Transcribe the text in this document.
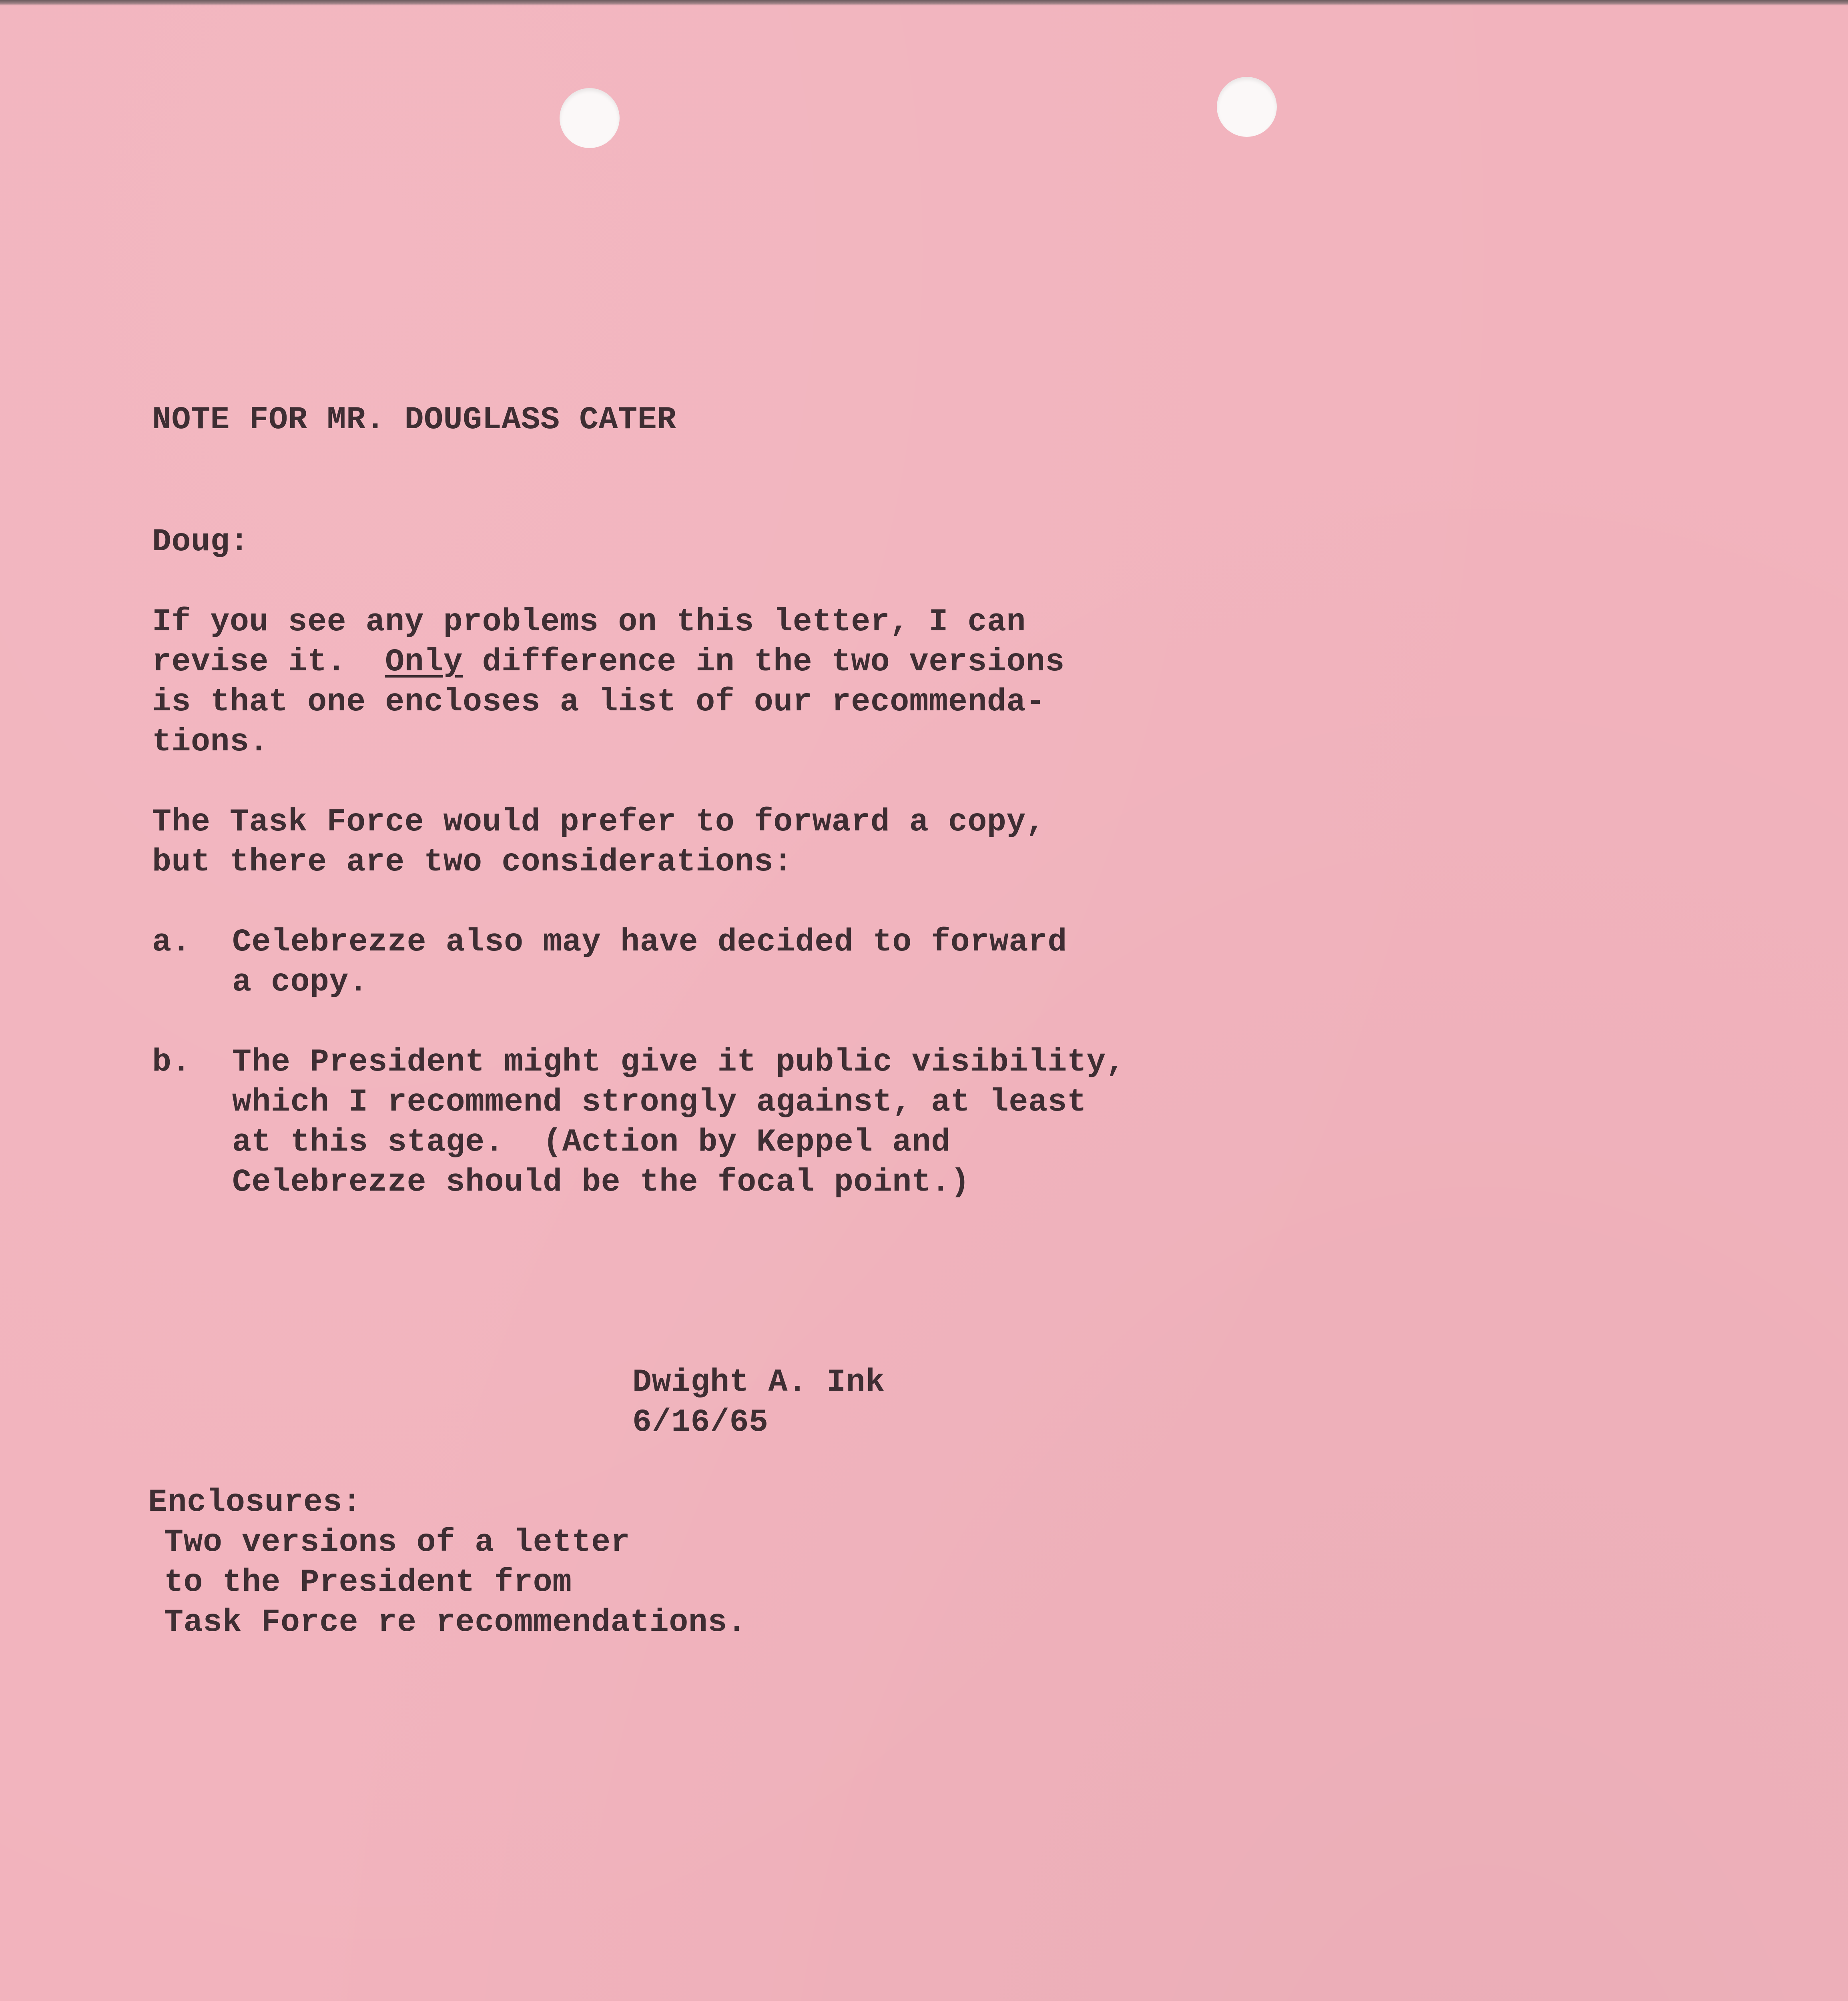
NOTE FOR MR. DOUGLASS CATER
Doug:
If you see any problems on this letter, I can
revise it.  Only difference in the two versions
is that one encloses a list of our recommenda-
tions.
The Task Force would prefer to forward a copy,
but there are two considerations:
a. Celebrezze also may have decided to forward
a copy.
b. The President might give it public visibility,
which I recommend strongly against, at least
at this stage.  (Action by Keppel and
Celebrezze should be the focal point.)
Dwight A. Ink
6/16/65
Enclosures:
Two versions of a letter
to the President from
Task Force re recommendations.
